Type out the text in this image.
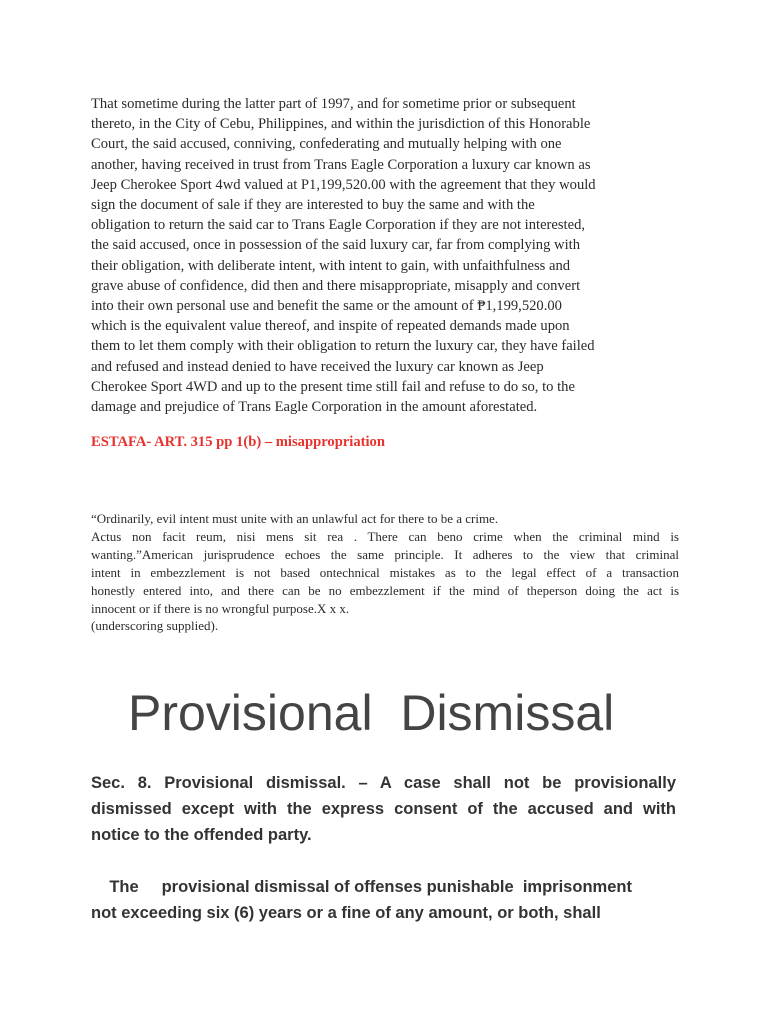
That sometime during the latter part of 1997, and for sometime prior or subsequent
thereto, in the City of Cebu, Philippines, and within the jurisdiction of this Honorable
Court, the said accused, conniving, confederating and mutually helping with one
another, having received in trust from Trans Eagle Corporation a luxury car known as
Jeep Cherokee Sport 4wd valued at P1,199,520.00 with the agreement that they would
sign the document of sale if they are interested to buy the same and with the
obligation to return the said car to Trans Eagle Corporation if they are not interested,
the said accused, once in possession of the said luxury car, far from complying with
their obligation, with deliberate intent, with intent to gain, with unfaithfulness and
grave abuse of confidence, did then and there misappropriate, misapply and convert
into their own personal use and benefit the same or the amount of ₱1,199,520.00
which is the equivalent value thereof, and inspite of repeated demands made upon
them to let them comply with their obligation to return the luxury car, they have failed
and refused and instead denied to have received the luxury car known as Jeep
Cherokee Sport 4WD and up to the present time still fail and refuse to do so, to the
damage and prejudice of Trans Eagle Corporation in the amount aforestated.

ESTAFA- ART. 315 pp 1(b) – misappropriation

“Ordinarily, evil intent must unite with an unlawful act for there to be a crime.
Actus non facit reum, nisi mens sit rea . There can beno crime when the criminal mind is
wanting.”American jurisprudence echoes the same principle. It adheres to the view that criminal
intent in embezzlement is not based ontechnical mistakes as to the legal effect of a transaction
honestly entered into, and there can be no embezzlement if the mind of theperson doing the act is
innocent or if there is no wrongful purpose.X x x.
(underscoring supplied).
Provisional  Dismissal
Sec. 8. Provisional dismissal. – A case shall not be provisionally
dismissed except with the express consent of the accused and with
notice to the offended party.
The     provisional dismissal of offenses punishable  imprisonment
not exceeding six (6) years or a fine of any amount, or both, shall
